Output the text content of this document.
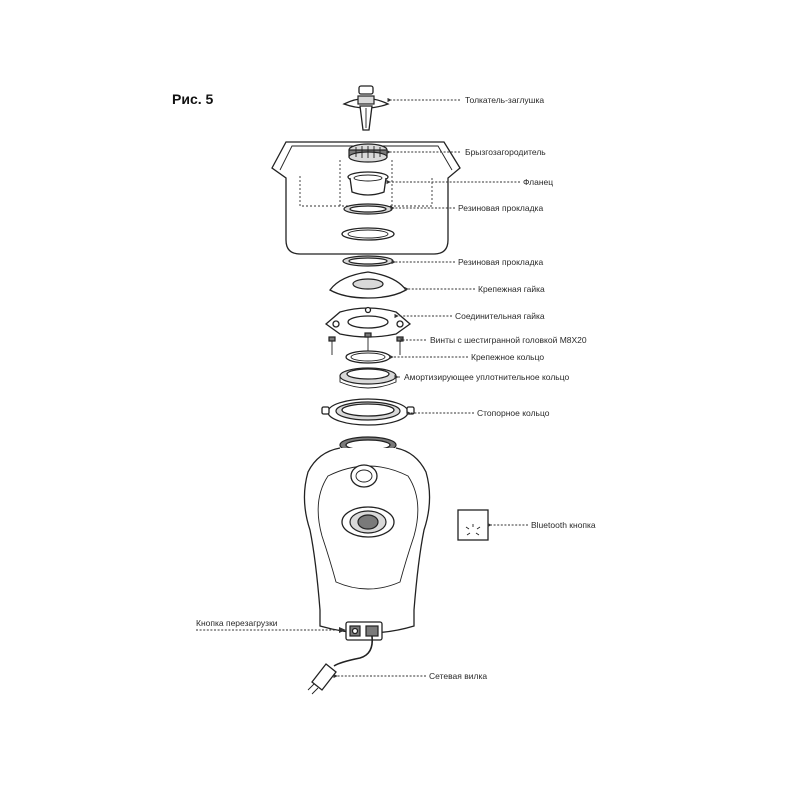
Рис. 5	Толкатель-заглушка
Брызгозагородитель
Фланец
Резиновая прокладка
Резиновая прокладка
Крепежная гайка
Соединительная гайка
Винты с шестигранной головкой M8X20
Крепежное кольцо
Амортизирующее уплотнительное кольцо
Стопорное кольцо
Bluetooth кнопка
Кнопка перезагрузки
Сетевая вилка
